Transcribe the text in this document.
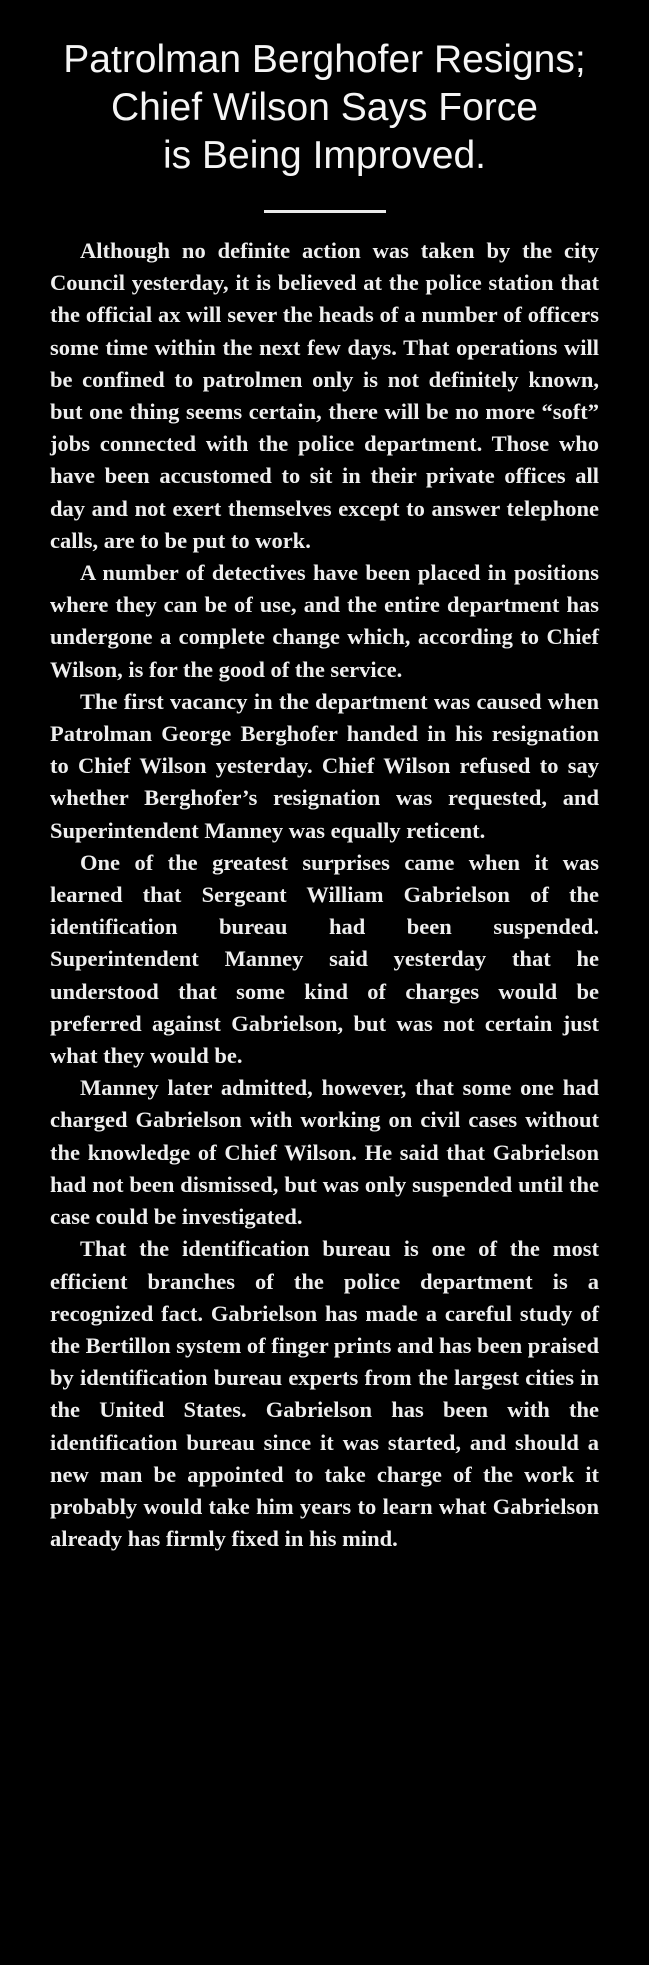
Patrolman Berghofer Resigns;
Chief Wilson Says Force
is Being Improved.

Although no definite action was taken by the city Council yesterday, it is believed at the police station that the official ax will sever the heads of a number of officers some time within the next few days. That operations will be confined to patrolmen only is not definitely known, but one thing seems certain, there will be no more “soft” jobs connected with the police department. Those who have been accustomed to sit in their private offices all day and not exert themselves except to answer telephone calls, are to be put to work.

A number of detectives have been placed in positions where they can be of use, and the entire department has undergone a complete change which, according to Chief Wilson, is for the good of the service.

The first vacancy in the department was caused when Patrolman George Berghofer handed in his resignation to Chief Wilson yesterday. Chief Wilson refused to say whether Berghofer’s resignation was requested, and Superintendent Manney was equally reticent.

One of the greatest surprises came when it was learned that Sergeant William Gabrielson of the identification bureau had been suspended. Superintendent Manney said yesterday that he understood that some kind of charges would be preferred against Gabrielson, but was not certain just what they would be.

Manney later admitted, however, that some one had charged Gabrielson with working on civil cases without the knowledge of Chief Wilson. He said that Gabrielson had not been dismissed, but was only suspended until the case could be investigated.

That the identification bureau is one of the most efficient branches of the police department is a recognized fact. Gabrielson has made a careful study of the Bertillon system of finger prints and has been praised by identification bureau experts from the largest cities in the United States. Gabrielson has been with the identification bureau since it was started, and should a new man be appointed to take charge of the work it probably would take him years to learn what Gabrielson already has firmly fixed in his mind.
